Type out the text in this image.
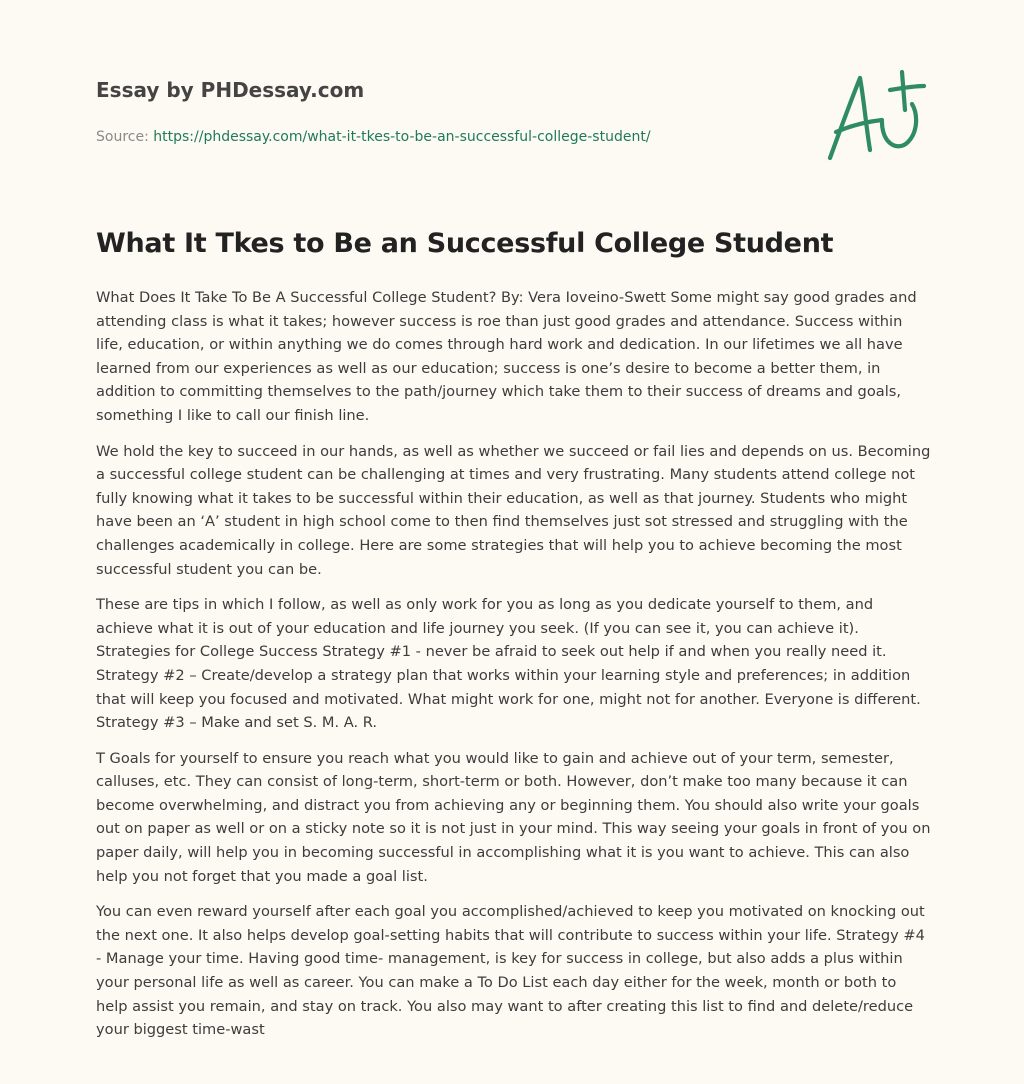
Essay by PHDessay.com
Source: https://phdessay.com/what-it-tkes-to-be-an-successful-college-student/
What It Tkes to Be an Successful College Student

What Does It Take To Be A Successful College Student? By: Vera Ioveino-Swett Some might say good grades and attending class is what it takes; however success is roe than just good grades and attendance. Success within life, education, or within anything we do comes through hard work and dedication. In our lifetimes we all have learned from our experiences as well as our education; success is one’s desire to become a better them, in addition to committing themselves to the path/journey which take them to their success of dreams and goals, something I like to call our finish line.

We hold the key to succeed in our hands, as well as whether we succeed or fail lies and depends on us. Becoming a successful college student can be challenging at times and very frustrating. Many students attend college not fully knowing what it takes to be successful within their education, as well as that journey. Students who might have been an ‘A’ student in high school come to then find themselves just sot stressed and struggling with the challenges academically in college. Here are some strategies that will help you to achieve becoming the most successful student you can be.

These are tips in which I follow, as well as only work for you as long as you dedicate yourself to them, and achieve what it is out of your education and life journey you seek. (If you can see it, you can achieve it). Strategies for College Success Strategy #1 - never be afraid to seek out help if and when you really need it. Strategy #2 – Create/develop a strategy plan that works within your learning style and preferences; in addition that will keep you focused and motivated. What might work for one, might not for another. Everyone is different. Strategy #3 – Make and set S. M. A. R.

T Goals for yourself to ensure you reach what you would like to gain and achieve out of your term, semester, calluses, etc. They can consist of long-term, short-term or both. However, don’t make too many because it can become overwhelming, and distract you from achieving any or beginning them. You should also write your goals out on paper as well or on a sticky note so it is not just in your mind. This way seeing your goals in front of you on paper daily, will help you in becoming successful in accomplishing what it is you want to achieve. This can also help you not forget that you made a goal list.

You can even reward yourself after each goal you accomplished/achieved to keep you motivated on knocking out the next one. It also helps develop goal-setting habits that will contribute to success within your life. Strategy #4 - Manage your time. Having good time- management, is key for success in college, but also adds a plus within your personal life as well as career. You can make a To Do List each day either for the week, month or both to help assist you remain, and stay on track. You also may want to after creating this list to find and delete/reduce your biggest time-wast
